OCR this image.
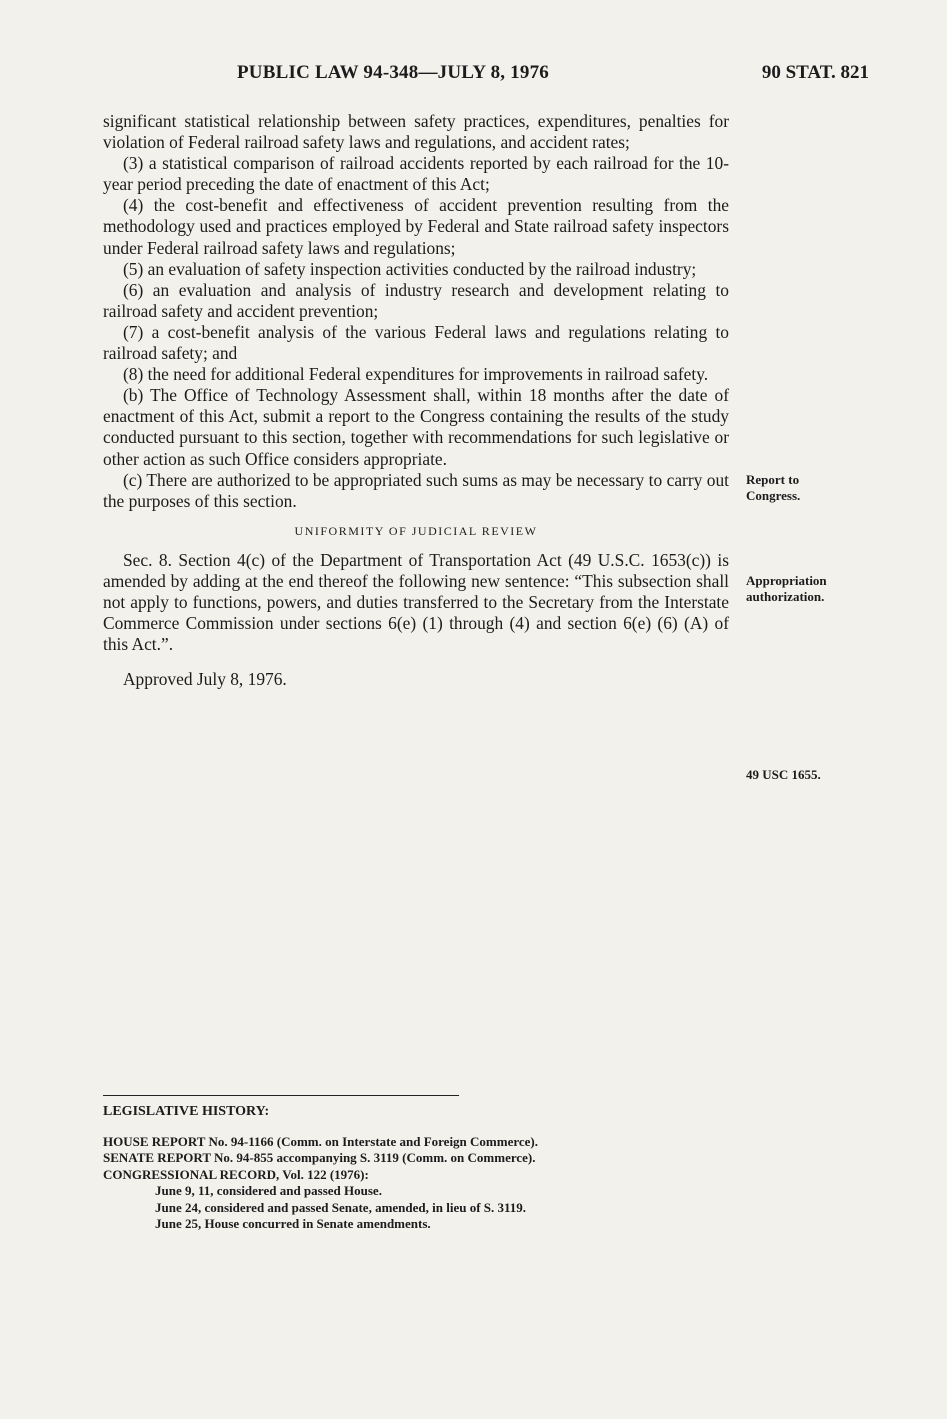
PUBLIC LAW 94-348—JULY 8, 1976	90 STAT. 821

significant statistical relationship between safety practices, expenditures, penalties for violation of Federal railroad safety laws and regulations, and accident rates;

(3) a statistical comparison of railroad accidents reported by each railroad for the 10-year period preceding the date of enactment of this Act;

(4) the cost-benefit and effectiveness of accident prevention resulting from the methodology used and practices employed by Federal and State railroad safety inspectors under Federal railroad safety laws and regulations;

(5) an evaluation of safety inspection activities conducted by the railroad industry;

(6) an evaluation and analysis of industry research and development relating to railroad safety and accident prevention;

(7) a cost-benefit analysis of the various Federal laws and regulations relating to railroad safety; and

(8) the need for additional Federal expenditures for improvements in railroad safety.

(b) The Office of Technology Assessment shall, within 18 months after the date of enactment of this Act, submit a report to the Congress containing the results of the study conducted pursuant to this section, together with recommendations for such legislative or other action as such Office considers appropriate.

(c) There are authorized to be appropriated such sums as may be necessary to carry out the purposes of this section.

UNIFORMITY OF JUDICIAL REVIEW

Sec. 8. Section 4(c) of the Department of Transportation Act (49 U.S.C. 1653(c)) is amended by adding at the end thereof the following new sentence: “This subsection shall not apply to functions, powers, and duties transferred to the Secretary from the Interstate Commerce Commission under sections 6(e) (1) through (4) and section 6(e) (6) (A) of this Act.”.

Approved July 8, 1976.

Report to
Congress.
Appropriation
authorization.
49 USC 1655.
LEGISLATIVE HISTORY:
HOUSE REPORT No. 94-1166 (Comm. on Interstate and Foreign Commerce).
SENATE REPORT No. 94-855 accompanying S. 3119 (Comm. on Commerce).
CONGRESSIONAL RECORD, Vol. 122 (1976):
June 9, 11, considered and passed House.
June 24, considered and passed Senate, amended, in lieu of S. 3119.
June 25, House concurred in Senate amendments.
